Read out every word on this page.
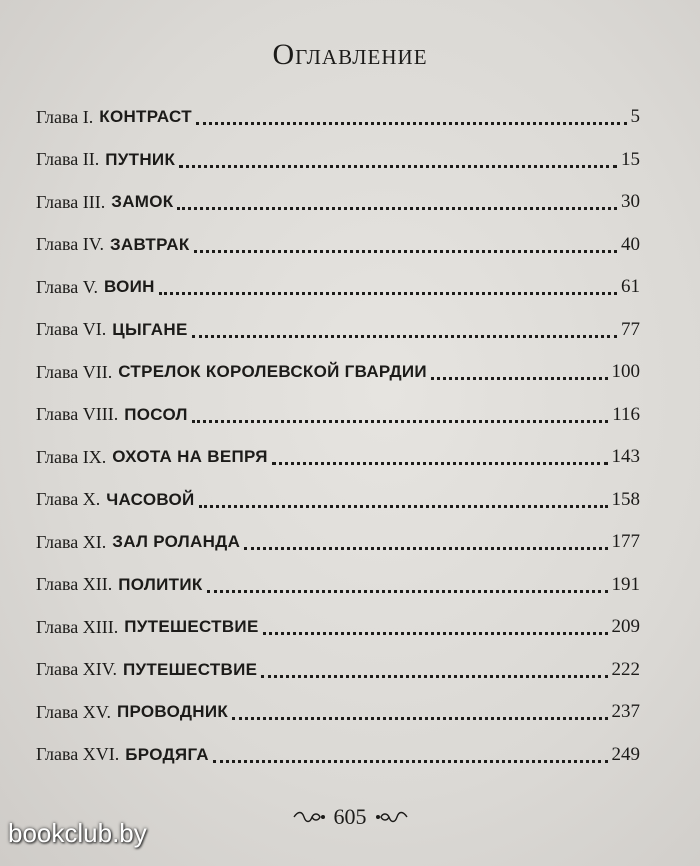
Оглавление
Глава I. КОНТРАСТ	5
Глава II. ПУТНИК	15
Глава III. ЗАМОК	30
Глава IV. ЗАВТРАК	40
Глава V. ВОИН	61
Глава VI. ЦЫГАНЕ	77
Глава VII. СТРЕЛОК КОРОЛЕВСКОЙ ГВАРДИИ	100
Глава VIII. ПОСОЛ	116
Глава IX. ОХОТА НА ВЕПРЯ	143
Глава X. ЧАСОВОЙ	158
Глава XI. ЗАЛ РОЛАНДА	177
Глава XII. ПОЛИТИК	191
Глава XIII. ПУТЕШЕСТВИЕ	209
Глава XIV. ПУТЕШЕСТВИЕ	222
Глава XV. ПРОВОДНИК	237
Глава XVI. БРОДЯГА	249
605
bookclub.by
